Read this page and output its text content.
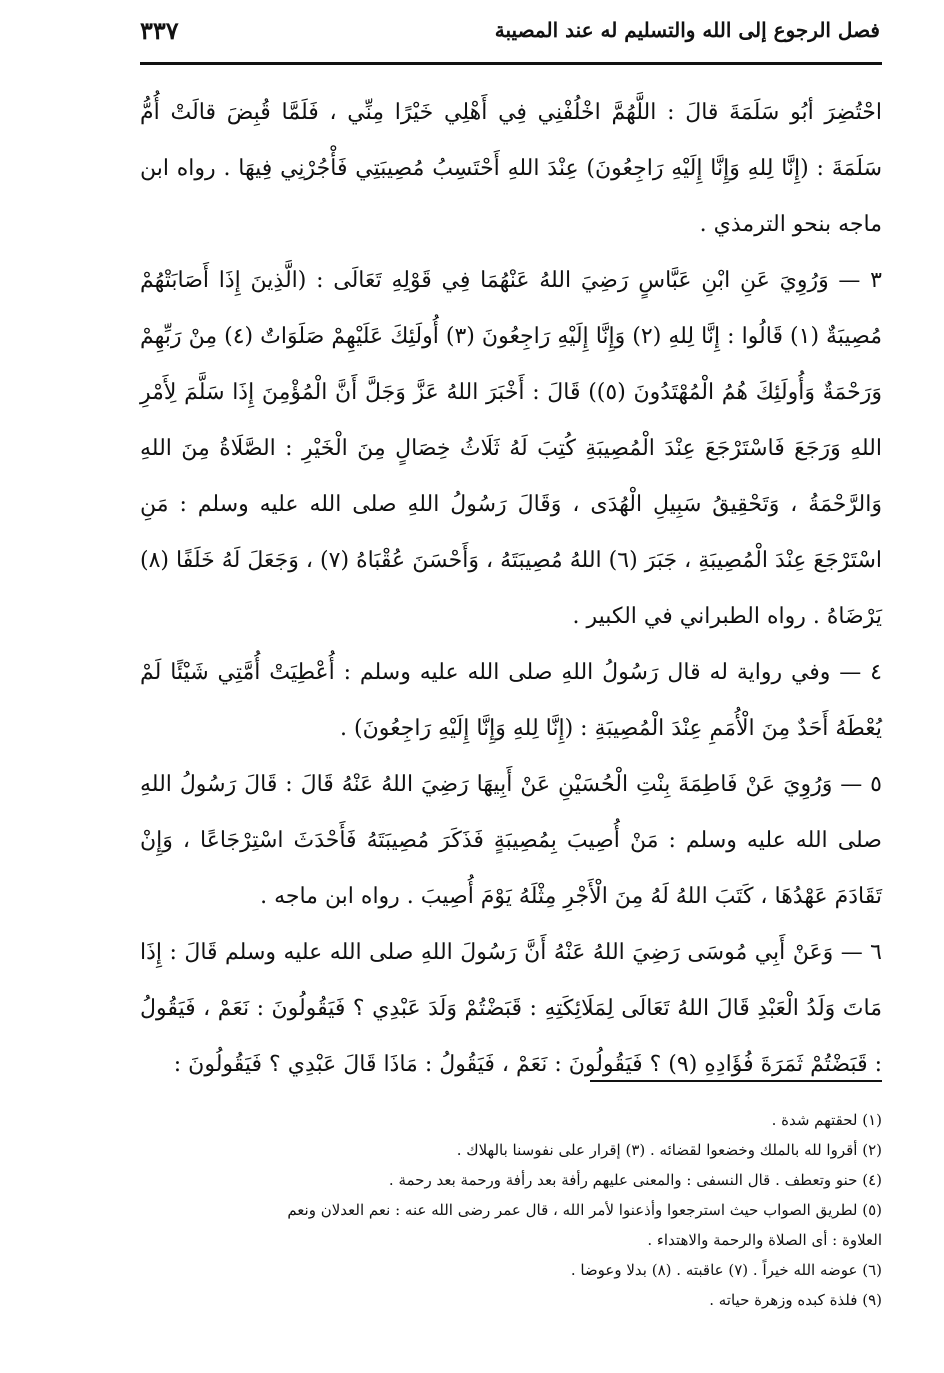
فصل الرجوع إلى الله والتسليم له عند المصيبة
٣٣٧

احْتُضِرَ أبُو سَلَمَةَ قالَ : اللَّهُمَّ اخْلُفْنِي فِي أَهْلِي خَيْرًا مِنِّي ، فَلَمَّا قُبِضَ قالَتْ أُمُّ سَلَمَةَ : (إِنَّا لِلهِ وَإِنَّا إِلَيْهِ رَاجِعُونَ) عِنْدَ اللهِ أَحْتَسِبُ مُصِيبَتِي فَأْجُرْنِي فِيهَا . رواه ابن ماجه بنحو الترمذي .

٣ — وَرُوِيَ عَنِ ابْنِ عَبَّاسٍ رَضِيَ اللهُ عَنْهُمَا فِي قَوْلِهِ تَعَالَى : (الَّذِينَ إِذَا أَصَابَتْهُمْ مُصِيبَةٌ (١) قَالُوا : إِنَّا لِلهِ (٢) وَإِنَّا إِلَيْهِ رَاجِعُونَ (٣) أُولَئِكَ عَلَيْهِمْ صَلَوَاتٌ (٤) مِنْ رَبِّهِمْ وَرَحْمَةٌ وَأُولَئِكَ هُمُ الْمُهْتَدُونَ (٥)) قَالَ : أَخْبَرَ اللهُ عَزَّ وَجَلَّ أَنَّ الْمُؤْمِنَ إِذَا سَلَّمَ لِأَمْرِ اللهِ وَرَجَعَ فَاسْتَرْجَعَ عِنْدَ الْمُصِيبَةِ كُتِبَ لَهُ ثَلَاثُ خِصَالٍ مِنَ الْخَيْرِ : الصَّلَاةُ مِنَ اللهِ وَالرَّحْمَةُ ، وَتَحْقِيقُ سَبِيلِ الْهُدَى ، وَقَالَ رَسُولُ اللهِ صلى الله عليه وسلم : مَنِ اسْتَرْجَعَ عِنْدَ الْمُصِيبَةِ ، جَبَرَ (٦) اللهُ مُصِيبَتَهُ ، وَأَحْسَنَ عُقْبَاهُ (٧) ، وَجَعَلَ لَهُ خَلَفًا (٨) يَرْضَاهُ . رواه الطبراني في الكبير .

٤ — وفي رواية له قال رَسُولُ اللهِ صلى الله عليه وسلم : أُعْطِيَتْ أُمَّتِي شَيْئًا لَمْ يُعْطَهُ أَحَدٌ مِنَ الْأُمَمِ عِنْدَ الْمُصِيبَةِ : (إِنَّا لِلهِ وَإِنَّا إِلَيْهِ رَاجِعُونَ) .

٥ — وَرُوِيَ عَنْ فَاطِمَةَ بِنْتِ الْحُسَيْنِ عَنْ أَبِيهَا رَضِيَ اللهُ عَنْهُ قَالَ : قَالَ رَسُولُ اللهِ صلى الله عليه وسلم : مَنْ أُصِيبَ بِمُصِيبَةٍ فَذَكَرَ مُصِيبَتَهُ فَأَحْدَثَ اسْتِرْجَاعًا ، وَإِنْ تَقَادَمَ عَهْدُهَا ، كَتَبَ اللهُ لَهُ مِنَ الْأَجْرِ مِثْلَهُ يَوْمَ أُصِيبَ . رواه ابن ماجه .

٦ — وَعَنْ أَبِي مُوسَى رَضِيَ اللهُ عَنْهُ أَنَّ رَسُولَ اللهِ صلى الله عليه وسلم قَالَ : إِذَا مَاتَ وَلَدُ الْعَبْدِ قَالَ اللهُ تَعَالَى لِمَلَائِكَتِهِ : قَبَضْتُمْ وَلَدَ عَبْدِي ؟ فَيَقُولُونَ : نَعَمْ ، فَيَقُولُ : قَبَضْتُمْ ثَمَرَةَ فُؤَادِهِ (٩) ؟ فَيَقُولُونَ : نَعَمْ ، فَيَقُولُ : مَاذَا قَالَ عَبْدِي ؟ فَيَقُولُونَ :

(١) لحقتهم شدة .
(٢) أقروا لله بالملك وخضعوا لقضائه . (٣) إقرار على نفوسنا بالهلاك .
(٤) حنو وتعطف . قال النسفى : والمعنى عليهم رأفة بعد رأفة ورحمة بعد رحمة .
(٥) لطريق الصواب حيث استرجعوا وأذعنوا لأمر الله ، قال عمر رضى الله عنه : نعم العدلان ونعم
العلاوة : أى الصلاة والرحمة والاهتداء .
(٦) عوضه الله خيراً . (٧) عاقبته . (٨) بدلا وعوضا .
(٩) فلذة كبده وزهرة حياته .
